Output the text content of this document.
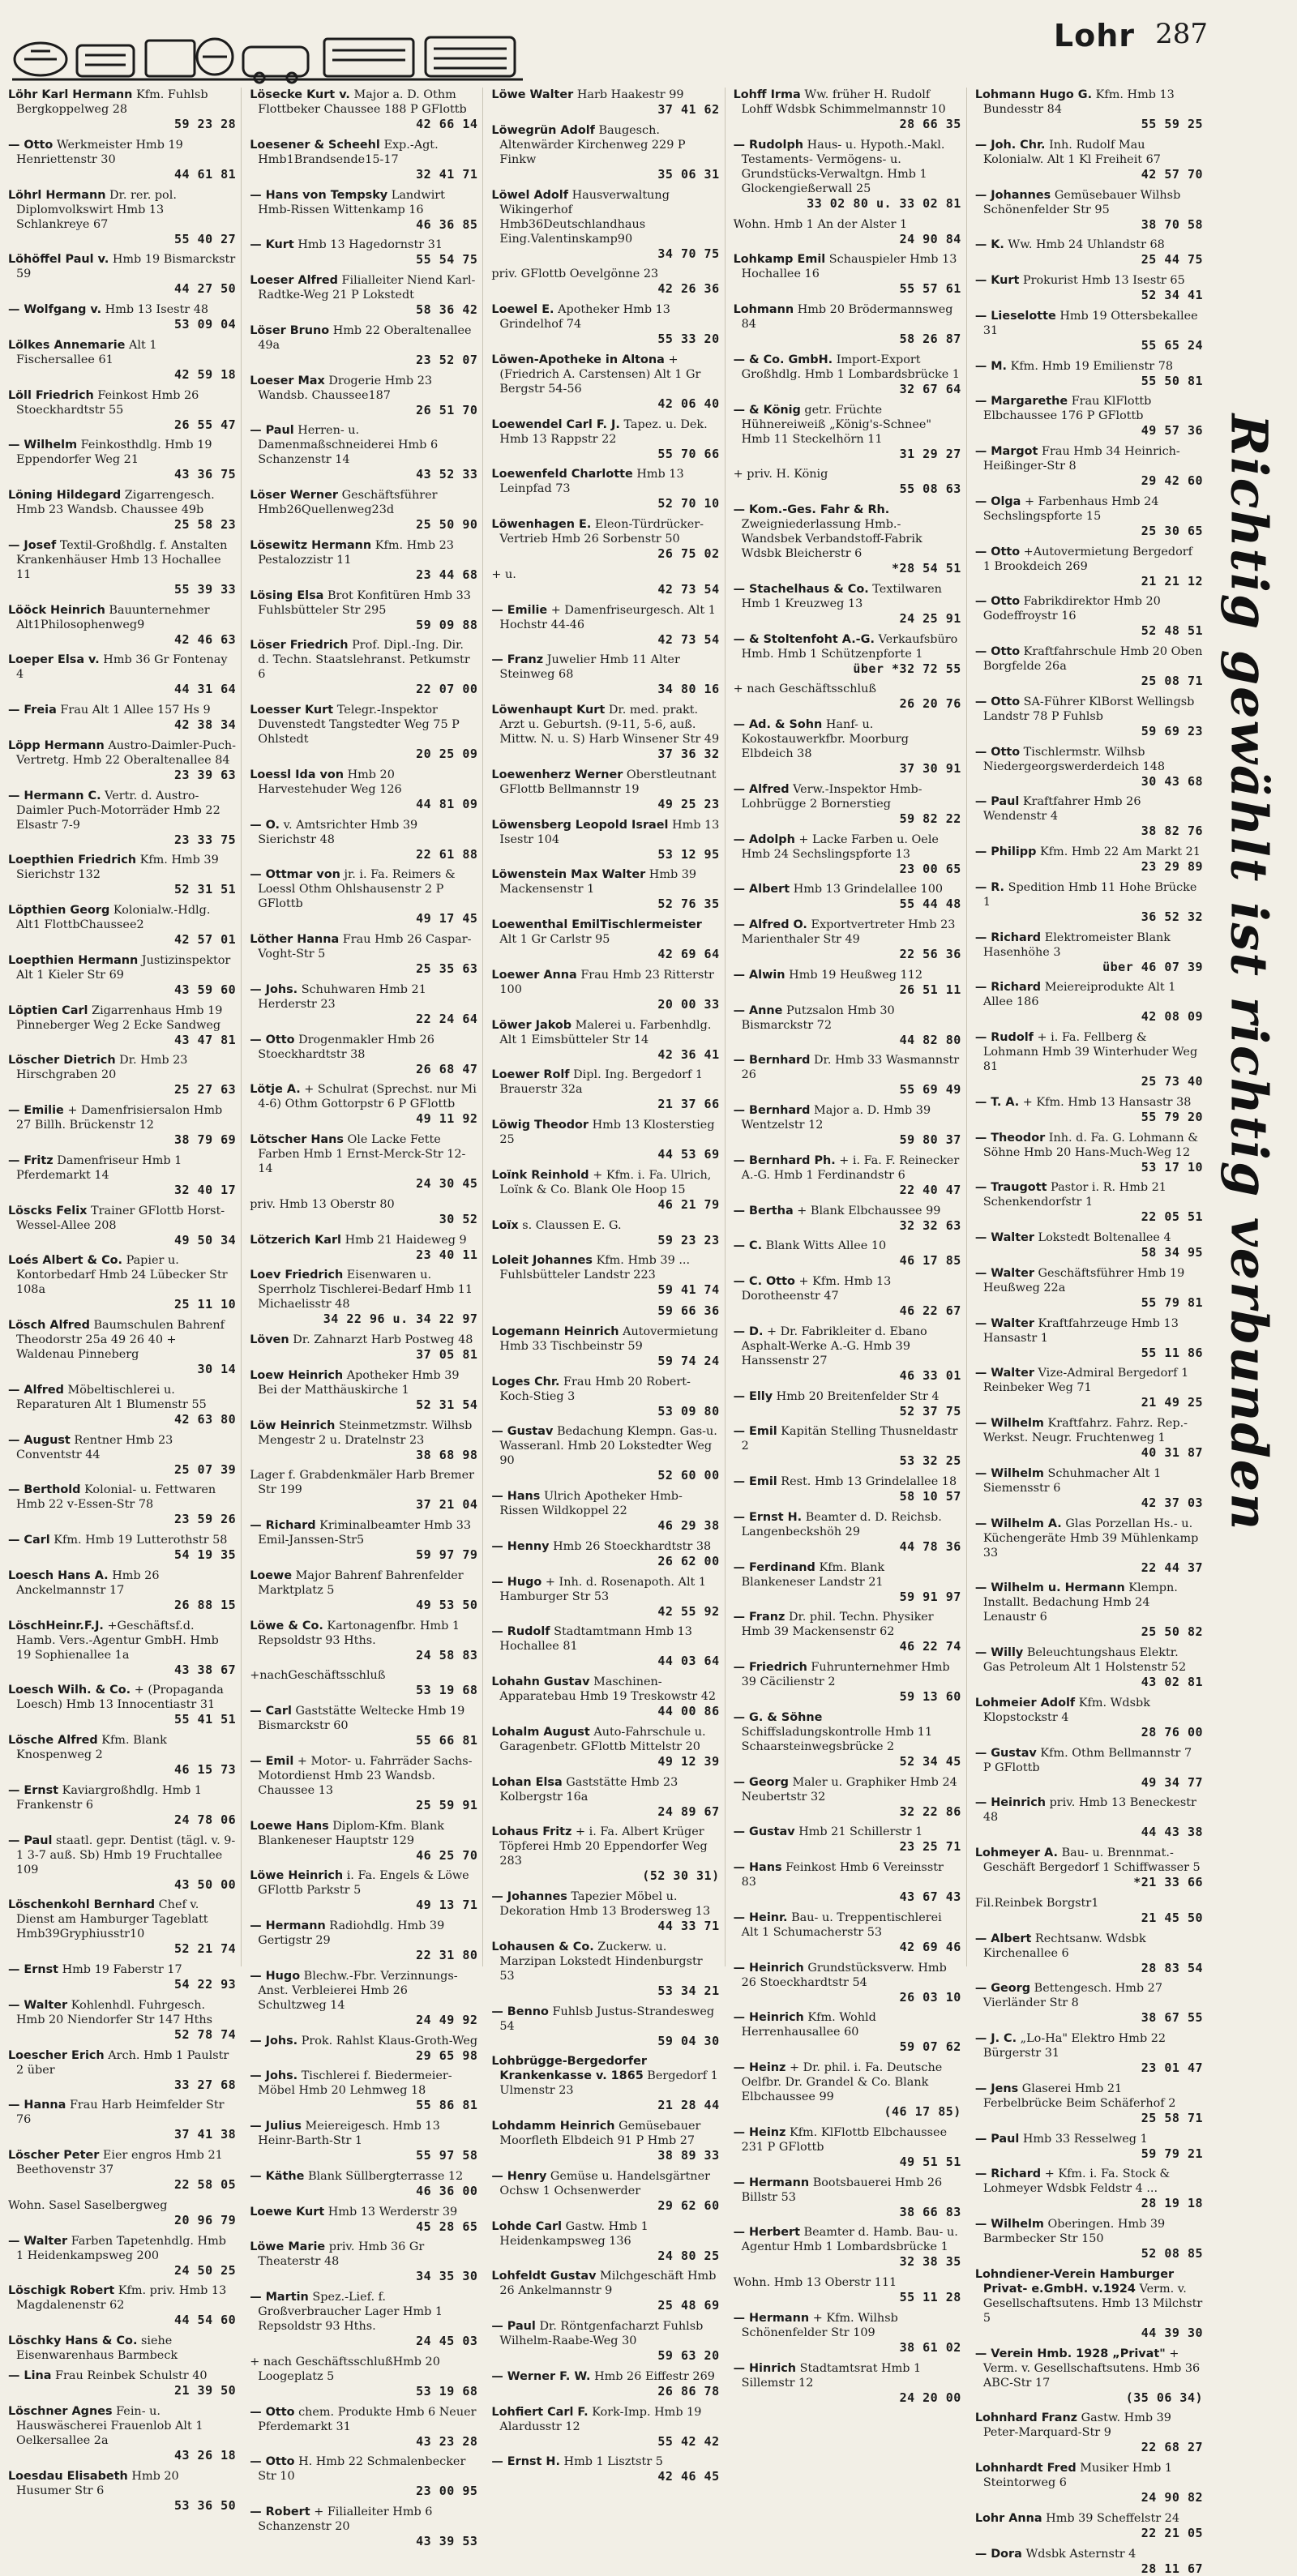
Lohr 287
Löhr Karl Hermann Kfm. Fuhlsb Bergkoppelweg 28
59 23 28
— Otto Werkmeister Hmb 19 Henriettenstr 30
44 61 81
Löhrl Hermann Dr. rer. pol. Diplomvolkswirt Hmb 13 Schlankreye 67
55 40 27
Löhöffel Paul v. Hmb 19 Bismarckstr 59
44 27 50
— Wolfgang v. Hmb 13 Isestr 48
53 09 04
Lölkes Annemarie Alt 1 Fischersallee 61
42 59 18
Löll Friedrich Feinkost Hmb 26 Stoeckhardtstr 55
26 55 47
— Wilhelm Feinkosthdlg. Hmb 19 Eppendorfer Weg 21
43 36 75
Löning Hildegard Zigarrengesch. Hmb 23 Wandsb. Chaussee 49b
25 58 23
— Josef Textil-Großhdlg. f. Anstalten Krankenhäuser Hmb 13 Hochallee 11
55 39 33
Lööck Heinrich Bauunternehmer Alt1Philosophenweg9
42 46 63
Loeper Elsa v. Hmb 36 Gr Fontenay 4
44 31 64
— Freia Frau Alt 1 Allee 157 Hs 9
42 38 34
Löpp Hermann Austro-Daimler-Puch-Vertretg. Hmb 22 Oberaltenallee 84
23 39 63
— Hermann C. Vertr. d. Austro-Daimler Puch-Motorräder Hmb 22 Elsastr 7-9
23 33 75
Loepthien Friedrich Kfm. Hmb 39 Sierichstr 132
52 31 51
Löpthien Georg Kolonialw.-Hdlg. Alt1 FlottbChaussee2
42 57 01
Loepthien Hermann Justizinspektor Alt 1 Kieler Str 69
43 59 60
Löptien Carl Zigarrenhaus Hmb 19 Pinneberger Weg 2 Ecke Sandweg
43 47 81
Löscher Dietrich Dr. Hmb 23 Hirschgraben 20
25 27 63
— Emilie + Damenfrisiersalon Hmb 27 Billh. Brückenstr 12
38 79 69
— Fritz Damenfriseur Hmb 1 Pferdemarkt 14
32 40 17
Löscks Felix Trainer GFlottb Horst-Wessel-Allee 208
49 50 34
Loés Albert & Co. Papier u. Kontorbedarf Hmb 24 Lübecker Str 108a
25 11 10
Lösch Alfred Baumschulen Bahrenf Theodorstr 25a 49 26 40 + Waldenau Pinneberg
30 14
— Alfred Möbeltischlerei u. Reparaturen Alt 1 Blumenstr 55
42 63 80
— August Rentner Hmb 23 Conventstr 44
25 07 39
— Berthold Kolonial- u. Fettwaren Hmb 22 v-Essen-Str 78
23 59 26
— Carl Kfm. Hmb 19 Lutterothstr 58
54 19 35
Loesch Hans A. Hmb 26 Anckelmannstr 17
26 88 15
LöschHeinr.F.J. +Geschäftsf.d. Hamb. Vers.-Agentur GmbH. Hmb 19 Sophienallee 1a
43 38 67
Loesch Wilh. & Co. + (Propaganda Loesch) Hmb 13 Innocentiastr 31
55 41 51
Lösche Alfred Kfm. Blank Knospenweg 2
46 15 73
— Ernst Kaviargroßhdlg. Hmb 1 Frankenstr 6
24 78 06
— Paul staatl. gepr. Dentist (tägl. v. 9-1 3-7 auß. Sb) Hmb 19 Fruchtallee 109
43 50 00
Löschenkohl Bernhard Chef v. Dienst am Hamburger Tageblatt Hmb39Gryphiusstr10
52 21 74
— Ernst Hmb 19 Faberstr 17
54 22 93
— Walter Kohlenhdl. Fuhrgesch. Hmb 20 Niendorfer Str 147 Hths
52 78 74
Loescher Erich Arch. Hmb 1 Paulstr 2 über
33 27 68
— Hanna Frau Harb Heimfelder Str 76
37 41 38
Löscher Peter Eier engros Hmb 21 Beethovenstr 37
22 58 05
Wohn. Sasel Saselbergweg
20 96 79
— Walter Farben Tapetenhdlg. Hmb 1 Heidenkampsweg 200
24 50 25
Löschigk Robert Kfm. priv. Hmb 13 Magdalenenstr 62
44 54 60
Löschky Hans & Co. siehe Eisenwarenhaus Barmbeck
— Lina Frau Reinbek Schulstr 40
21 39 50
Löschner Agnes Fein- u. Hauswäscherei Frauenlob Alt 1 Oelkersallee 2a
43 26 18
Loesdau Elisabeth Hmb 20 Husumer Str 6
53 36 50
Lösecke Kurt v. Major a. D. Othm Flottbeker Chaussee 188 P GFlottb
42 66 14
Loesener & Scheehl Exp.-Agt. Hmb1Brandsende15-17
32 41 71
— Hans von Tempsky Landwirt Hmb-Rissen Wittenkamp 16
46 36 85
— Kurt Hmb 13 Hagedornstr 31
55 54 75
Loeser Alfred Filialleiter Niend Karl-Radtke-Weg 21 P Lokstedt
58 36 42
Löser Bruno Hmb 22 Oberaltenallee 49a
23 52 07
Loeser Max Drogerie Hmb 23 Wandsb. Chaussee187
26 51 70
— Paul Herren- u. Damenmaßschneiderei Hmb 6 Schanzenstr 14
43 52 33
Löser Werner Geschäftsführer Hmb26Quellenweg23d
25 50 90
Lösewitz Hermann Kfm. Hmb 23 Pestalozzistr 11
23 44 68
Lösing Elsa Brot Konfitüren Hmb 33 Fuhlsbütteler Str 295
59 09 88
Löser Friedrich Prof. Dipl.-Ing. Dir. d. Techn. Staatslehranst. Petkumstr 6
22 07 00
Loesser Kurt Telegr.-Inspektor Duvenstedt Tangstedter Weg 75 P Ohlstedt
20 25 09
Loessl Ida von Hmb 20 Harvestehuder Weg 126
44 81 09
— O. v. Amtsrichter Hmb 39 Sierichstr 48
22 61 88
— Ottmar von jr. i. Fa. Reimers & Loessl Othm Ohlshausenstr 2 P GFlottb
49 17 45
Löther Hanna Frau Hmb 26 Caspar-Voght-Str 5
25 35 63
— Johs. Schuhwaren Hmb 21 Herderstr 23
22 24 64
— Otto Drogenmakler Hmb 26 Stoeckhardtstr 38
26 68 47
Lötje A. + Schulrat (Sprechst. nur Mi 4-6) Othm Gottorpstr 6 P GFlottb
49 11 92
Lötscher Hans Ole Lacke Fette Farben Hmb 1 Ernst-Merck-Str 12-14
24 30 45
priv. Hmb 13 Oberstr 80
30 52
Lötzerich Karl Hmb 21 Haideweg 9
23 40 11
Loev Friedrich Eisenwaren u. Sperrholz Tischlerei-Bedarf Hmb 11 Michaelisstr 48
34 22 96 u. 34 22 97
Löven Dr. Zahnarzt Harb Postweg 48
37 05 81
Loew Heinrich Apotheker Hmb 39 Bei der Matthäuskirche 1
52 31 54
Löw Heinrich Steinmetzmstr. Wilhsb Mengestr 2 u. Dratelnstr 23
38 68 98
Lager f. Grabdenkmäler Harb Bremer Str 199
37 21 04
— Richard Kriminalbeamter Hmb 33 Emil-Janssen-Str5
59 97 79
Loewe Major Bahrenf Bahrenfelder Marktplatz 5
49 53 50
Löwe & Co. Kartonagenfbr. Hmb 1 Repsoldstr 93 Hths.
24 58 83
+nachGeschäftsschluß
53 19 68
— Carl Gaststätte Weltecke Hmb 19 Bismarckstr 60
55 66 81
— Emil + Motor- u. Fahrräder Sachs-Motordienst Hmb 23 Wandsb. Chaussee 13
25 59 91
Loewe Hans Diplom-Kfm. Blank Blankeneser Hauptstr 129
46 25 70
Löwe Heinrich i. Fa. Engels & Löwe GFlottb Parkstr 5
49 13 71
— Hermann Radiohdlg. Hmb 39 Gertigstr 29
22 31 80
— Hugo Blechw.-Fbr. Verzinnungs-Anst. Verbleierei Hmb 26 Schultzweg 14
24 49 92
— Johs. Prok. Rahlst Klaus-Groth-Weg
29 65 98
— Johs. Tischlerei f. Biedermeier-Möbel Hmb 20 Lehmweg 18
55 86 81
— Julius Meiereigesch. Hmb 13 Heinr-Barth-Str 1
55 97 58
— Käthe Blank Süllbergterrasse 12
46 36 00
Loewe Kurt Hmb 13 Werderstr 39
45 28 65
Löwe Marie priv. Hmb 36 Gr Theaterstr 48
34 35 30
— Martin Spez.-Lief. f. Großverbraucher Lager Hmb 1 Repsoldstr 93 Hths.
24 45 03
+ nach GeschäftsschlußHmb 20 Loogeplatz 5
53 19 68
— Otto chem. Produkte Hmb 6 Neuer Pferdemarkt 31
43 23 28
— Otto H. Hmb 22 Schmalenbecker Str 10
23 00 95
— Robert + Filialleiter Hmb 6 Schanzenstr 20
43 39 53
Löwe Walter Harb Haakestr 99
37 41 62
Löwegrün Adolf Baugesch. Altenwärder Kirchenweg 229 P Finkw
35 06 31
Löwel Adolf Hausverwaltung Wikingerhof Hmb36Deutschlandhaus Eing.Valentinskamp90
34 70 75
priv. GFlottb Oevelgönne 23
42 26 36
Loewel E. Apotheker Hmb 13 Grindelhof 74
55 33 20
Löwen-Apotheke in Altona + (Friedrich A. Carstensen) Alt 1 Gr Bergstr 54-56
42 06 40
Loewendel Carl F. J. Tapez. u. Dek. Hmb 13 Rappstr 22
55 70 66
Loewenfeld Charlotte Hmb 13 Leinpfad 73
52 70 10
Löwenhagen E. Eleon-Türdrücker-Vertrieb Hmb 26 Sorbenstr 50
26 75 02
+ u.
42 73 54
— Emilie + Damenfriseurgesch. Alt 1 Hochstr 44-46
42 73 54
— Franz Juwelier Hmb 11 Alter Steinweg 68
34 80 16
Löwenhaupt Kurt Dr. med. prakt. Arzt u. Geburtsh. (9-11, 5-6, auß. Mittw. N. u. S) Harb Winsener Str 49
37 36 32
Loewenherz Werner Oberstleutnant GFlottb Bellmannstr 19
49 25 23
Löwensberg Leopold Israel Hmb 13 Isestr 104
53 12 95
Löwenstein Max Walter Hmb 39 Mackensenstr 1
52 76 35
Loewenthal EmilTischlermeister Alt 1 Gr Carlstr 95
42 69 64
Loewer Anna Frau Hmb 23 Ritterstr 100
20 00 33
Löwer Jakob Malerei u. Farbenhdlg. Alt 1 Eimsbütteler Str 14
42 36 41
Loewer Rolf Dipl. Ing. Bergedorf 1 Brauerstr 32a
21 37 66
Löwig Theodor Hmb 13 Klosterstieg 25
44 53 69
Loïnk Reinhold + Kfm. i. Fa. Ulrich, Loïnk & Co. Blank Ole Hoop 15
46 21 79
Loïx s. Claussen E. G.
59 23 23
Loleit Johannes Kfm. Hmb 39 ... Fuhlsbütteler Landstr 223
59 41 74
59 66 36
Logemann Heinrich Autovermietung Hmb 33 Tischbeinstr 59
59 74 24
Loges Chr. Frau Hmb 20 Robert-Koch-Stieg 3
53 09 80
— Gustav Bedachung Klempn. Gas-u. Wasseranl. Hmb 20 Lokstedter Weg 90
52 60 00
— Hans Ulrich Apotheker Hmb-Rissen Wildkoppel 22
46 29 38
— Henny Hmb 26 Stoeckhardtstr 38
26 62 00
— Hugo + Inh. d. Rosenapoth. Alt 1 Hamburger Str 53
42 55 92
— Rudolf Stadtamtmann Hmb 13 Hochallee 81
44 03 64
Lohahn Gustav Maschinen- Apparatebau Hmb 19 Treskowstr 42
44 00 86
Lohalm August Auto-Fahrschule u. Garagenbetr. GFlottb Mittelstr 20
49 12 39
Lohan Elsa Gaststätte Hmb 23 Kolbergstr 16a
24 89 67
Lohaus Fritz + i. Fa. Albert Krüger Töpferei Hmb 20 Eppendorfer Weg 283
(52 30 31)
— Johannes Tapezier Möbel u. Dekoration Hmb 13 Brodersweg 13
44 33 71
Lohausen & Co. Zuckerw. u. Marzipan Lokstedt Hindenburgstr 53
53 34 21
— Benno Fuhlsb Justus-Strandesweg 54
59 04 30
Lohbrügge-Bergedorfer Krankenkasse v. 1865 Bergedorf 1 Ulmenstr 23
21 28 44
Lohdamm Heinrich Gemüsebauer Moorfleth Elbdeich 91 P Hmb 27
38 89 33
— Henry Gemüse u. Handelsgärtner Ochsw 1 Ochsenwerder
29 62 60
Lohde Carl Gastw. Hmb 1 Heidenkampsweg 136
24 80 25
Lohfeldt Gustav Milchgeschäft Hmb 26 Ankelmannstr 9
25 48 69
— Paul Dr. Röntgenfacharzt Fuhlsb Wilhelm-Raabe-Weg 30
59 63 20
— Werner F. W. Hmb 26 Eiffestr 269
26 86 78
Lohfiert Carl F. Kork-Imp. Hmb 19 Alardusstr 12
55 42 42
— Ernst H. Hmb 1 Lisztstr 5
42 46 45
Lohff Irma Ww. früher H. Rudolf Lohff Wdsbk Schimmelmannstr 10
28 66 35
— Rudolph Haus- u. Hypoth.-Makl. Testaments- Vermögens- u. Grundstücks-Verwaltgn. Hmb 1 Glockengießerwall 25
33 02 80 u. 33 02 81
Wohn. Hmb 1 An der Alster 1
24 90 84
Lohkamp Emil Schauspieler Hmb 13 Hochallee 16
55 57 61
Lohmann Hmb 20 Brödermannsweg 84
58 26 87
— & Co. GmbH. Import-Export Großhdlg. Hmb 1 Lombardsbrücke 1
32 67 64
— & König getr. Früchte Hühnereiweiß „König's-Schnee" Hmb 11 Steckelhörn 11
31 29 27
+ priv. H. König
55 08 63
— Kom.-Ges. Fahr & Rh. Zweigniederlassung Hmb.- Wandsbek Verbandstoff-Fabrik Wdsbk Bleicherstr 6
*28 54 51
— Stachelhaus & Co. Textilwaren Hmb 1 Kreuzweg 13
24 25 91
— & Stoltenfoht A.-G. Verkaufsbüro Hmb. Hmb 1 Schützenpforte 1
über *32 72 55
+ nach Geschäftsschluß
26 20 76
— Ad. & Sohn Hanf- u. Kokostauwerkfbr. Moorburg Elbdeich 38
37 30 91
— Alfred Verw.-Inspektor Hmb-Lohbrügge 2 Bornerstieg
59 82 22
— Adolph + Lacke Farben u. Oele Hmb 24 Sechslingspforte 13
23 00 65
— Albert Hmb 13 Grindelallee 100
55 44 48
— Alfred O. Exportvertreter Hmb 23 Marienthaler Str 49
22 56 36
— Alwin Hmb 19 Heußweg 112
26 51 11
— Anne Putzsalon Hmb 30 Bismarckstr 72
44 82 80
— Bernhard Dr. Hmb 33 Wasmannstr 26
55 69 49
— Bernhard Major a. D. Hmb 39 Wentzelstr 12
59 80 37
— Bernhard Ph. + i. Fa. F. Reinecker A.-G. Hmb 1 Ferdinandstr 6
22 40 47
— Bertha + Blank Elbchaussee 99
32 32 63
— C. Blank Witts Allee 10
46 17 85
— C. Otto + Kfm. Hmb 13 Dorotheenstr 47
46 22 67
— D. + Dr. Fabrikleiter d. Ebano Asphalt-Werke A.-G. Hmb 39 Hanssenstr 27
46 33 01
— Elly Hmb 20 Breitenfelder Str 4
52 37 75
— Emil Kapitän Stelling Thusneldastr 2
53 32 25
— Emil Rest. Hmb 13 Grindelallee 18
58 10 57
— Ernst H. Beamter d. D. Reichsb. Langenbeckshöh 29
44 78 36
— Ferdinand Kfm. Blank Blankeneser Landstr 21
59 91 97
— Franz Dr. phil. Techn. Physiker Hmb 39 Mackensenstr 62
46 22 74
— Friedrich Fuhrunternehmer Hmb 39 Cäcilienstr 2
59 13 60
— G. & Söhne Schiffsladungskontrolle Hmb 11 Schaarsteinwegsbrücke 2
52 34 45
— Georg Maler u. Graphiker Hmb 24 Neubertstr 32
32 22 86
— Gustav Hmb 21 Schillerstr 1
23 25 71
— Hans Feinkost Hmb 6 Vereinsstr 83
43 67 43
— Heinr. Bau- u. Treppentischlerei Alt 1 Schumacherstr 53
42 69 46
— Heinrich Grundstücksverw. Hmb 26 Stoeckhardtstr 54
26 03 10
— Heinrich Kfm. Wohld Herrenhausallee 60
59 07 62
— Heinz + Dr. phil. i. Fa. Deutsche Oelfbr. Dr. Grandel & Co. Blank Elbchaussee 99
(46 17 85)
— Heinz Kfm. KlFlottb Elbchaussee 231 P GFlottb
49 51 51
— Hermann Bootsbauerei Hmb 26 Billstr 53
38 66 83
— Herbert Beamter d. Hamb. Bau- u. Agentur Hmb 1 Lombardsbrücke 1
32 38 35
Wohn. Hmb 13 Oberstr 111
55 11 28
— Hermann + Kfm. Wilhsb Schönenfelder Str 109
38 61 02
— Hinrich Stadtamtsrat Hmb 1 Sillemstr 12
24 20 00
Lohmann Hugo G. Kfm. Hmb 13 Bundesstr 84
55 59 25
— Joh. Chr. Inh. Rudolf Mau Kolonialw. Alt 1 Kl Freiheit 67
42 57 70
— Johannes Gemüsebauer Wilhsb Schönenfelder Str 95
38 70 58
— K. Ww. Hmb 24 Uhlandstr 68
25 44 75
— Kurt Prokurist Hmb 13 Isestr 65
52 34 41
— Lieselotte Hmb 19 Ottersbekallee 31
55 65 24
— M. Kfm. Hmb 19 Emilienstr 78
55 50 81
— Margarethe Frau KlFlottb Elbchaussee 176 P GFlottb
49 57 36
— Margot Frau Hmb 34 Heinrich-Heißinger-Str 8
29 42 60
— Olga + Farbenhaus Hmb 24 Sechslingspforte 15
25 30 65
— Otto +Autovermietung Bergedorf 1 Brookdeich 269
21 21 12
— Otto Fabrikdirektor Hmb 20 Godeffroystr 16
52 48 51
— Otto Kraftfahrschule Hmb 20 Oben Borgfelde 26a
25 08 71
— Otto SA-Führer KlBorst Wellingsb Landstr 78 P Fuhlsb
59 69 23
— Otto Tischlermstr. Wilhsb Niedergeorgswerderdeich 148
30 43 68
— Paul Kraftfahrer Hmb 26 Wendenstr 4
38 82 76
— Philipp Kfm. Hmb 22 Am Markt 21
23 29 89
— R. Spedition Hmb 11 Hohe Brücke 1
36 52 32
— Richard Elektromeister Blank Hasenhöhe 3
über 46 07 39
— Richard Meiereiprodukte Alt 1 Allee 186
42 08 09
— Rudolf + i. Fa. Fellberg & Lohmann Hmb 39 Winterhuder Weg 81
25 73 40
— T. A. + Kfm. Hmb 13 Hansastr 38
55 79 20
— Theodor Inh. d. Fa. G. Lohmann & Söhne Hmb 20 Hans-Much-Weg 12
53 17 10
— Traugott Pastor i. R. Hmb 21 Schenkendorfstr 1
22 05 51
— Walter Lokstedt Boltenallee 4
58 34 95
— Walter Geschäftsführer Hmb 19 Heußweg 22a
55 79 81
— Walter Kraftfahrzeuge Hmb 13 Hansastr 1
55 11 86
— Walter Vize-Admiral Bergedorf 1 Reinbeker Weg 71
21 49 25
— Wilhelm Kraftfahrz. Fahrz. Rep.-Werkst. Neugr. Fruchtenweg 1
40 31 87
— Wilhelm Schuhmacher Alt 1 Siemensstr 6
42 37 03
— Wilhelm A. Glas Porzellan Hs.- u. Küchengeräte Hmb 39 Mühlenkamp 33
22 44 37
— Wilhelm u. Hermann Klempn. Installt. Bedachung Hmb 24 Lenaustr 6
25 50 82
— Willy Beleuchtungshaus Elektr. Gas Petroleum Alt 1 Holstenstr 52
43 02 81
Lohmeier Adolf Kfm. Wdsbk Klopstockstr 4
28 76 00
— Gustav Kfm. Othm Bellmannstr 7 P GFlottb
49 34 77
— Heinrich priv. Hmb 13 Beneckestr 48
44 43 38
Lohmeyer A. Bau- u. Brennmat.-Geschäft Bergedorf 1 Schiffwasser 5
*21 33 66
Fil.Reinbek Borgstr1
21 45 50
— Albert Rechtsanw. Wdsbk Kirchenallee 6
28 83 54
— Georg Bettengesch. Hmb 27 Vierländer Str 8
38 67 55
— J. C. „Lo-Ha" Elektro Hmb 22 Bürgerstr 31
23 01 47
— Jens Glaserei Hmb 21 Ferbelbrücke Beim Schäferhof 2
25 58 71
— Paul Hmb 33 Resselweg 1
59 79 21
— Richard + Kfm. i. Fa. Stock & Lohmeyer Wdsbk Feldstr 4 ...
28 19 18
— Wilhelm Oberingen. Hmb 39 Barmbecker Str 150
52 08 85
Lohndiener-Verein Hamburger Privat- e.GmbH. v.1924 Verm. v. Gesellschaftsutens. Hmb 13 Milchstr 5
44 39 30
— Verein Hmb. 1928 „Privat" + Verm. v. Gesellschaftsutens. Hmb 36 ABC-Str 17
(35 06 34)
Lohnhard Franz Gastw. Hmb 39 Peter-Marquard-Str 9
22 68 27
Lohnhardt Fred Musiker Hmb 1 Steintorweg 6
24 90 82
Lohr Anna Hmb 39 Scheffelstr 24
22 21 05
— Dora Wdsbk Asternstr 4
28 11 67
Richtig gewählt ist richtig verbunden
